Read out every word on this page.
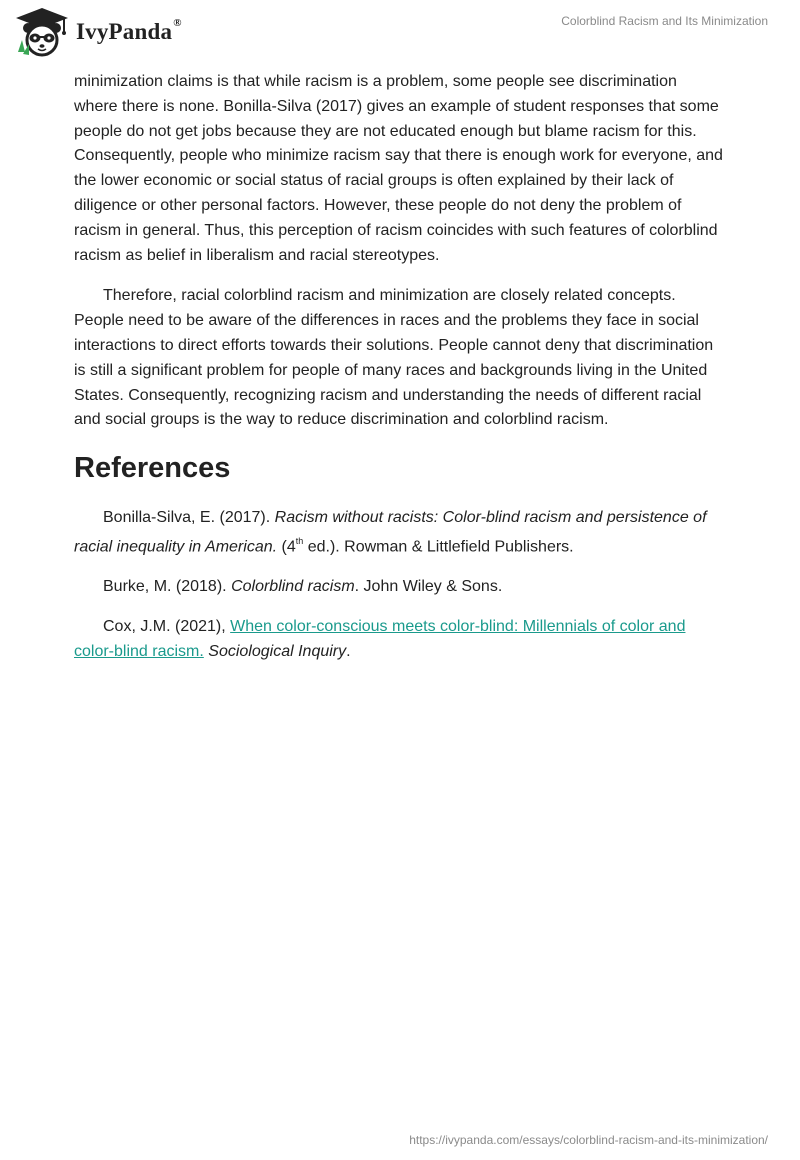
IvyPanda®	Colorblind Racism and Its Minimization

minimization claims is that while racism is a problem, some people see discrimination where there is none. Bonilla-Silva (2017) gives an example of student responses that some people do not get jobs because they are not educated enough but blame racism for this. Consequently, people who minimize racism say that there is enough work for everyone, and the lower economic or social status of racial groups is often explained by their lack of diligence or other personal factors. However, these people do not deny the problem of racism in general. Thus, this perception of racism coincides with such features of colorblind racism as belief in liberalism and racial stereotypes.

Therefore, racial colorblind racism and minimization are closely related concepts. People need to be aware of the differences in races and the problems they face in social interactions to direct efforts towards their solutions. People cannot deny that discrimination is still a significant problem for people of many races and backgrounds living in the United States. Consequently, recognizing racism and understanding the needs of different racial and social groups is the way to reduce discrimination and colorblind racism.

References

Bonilla-Silva, E. (2017). Racism without racists: Color-blind racism and persistence of racial inequality in American. (4th ed.). Rowman & Littlefield Publishers.

Burke, M. (2018). Colorblind racism. John Wiley & Sons.

Cox, J.M. (2021), When color-conscious meets color-blind: Millennials of color and color-blind racism. Sociological Inquiry.

https://ivypanda.com/essays/colorblind-racism-and-its-minimization/
